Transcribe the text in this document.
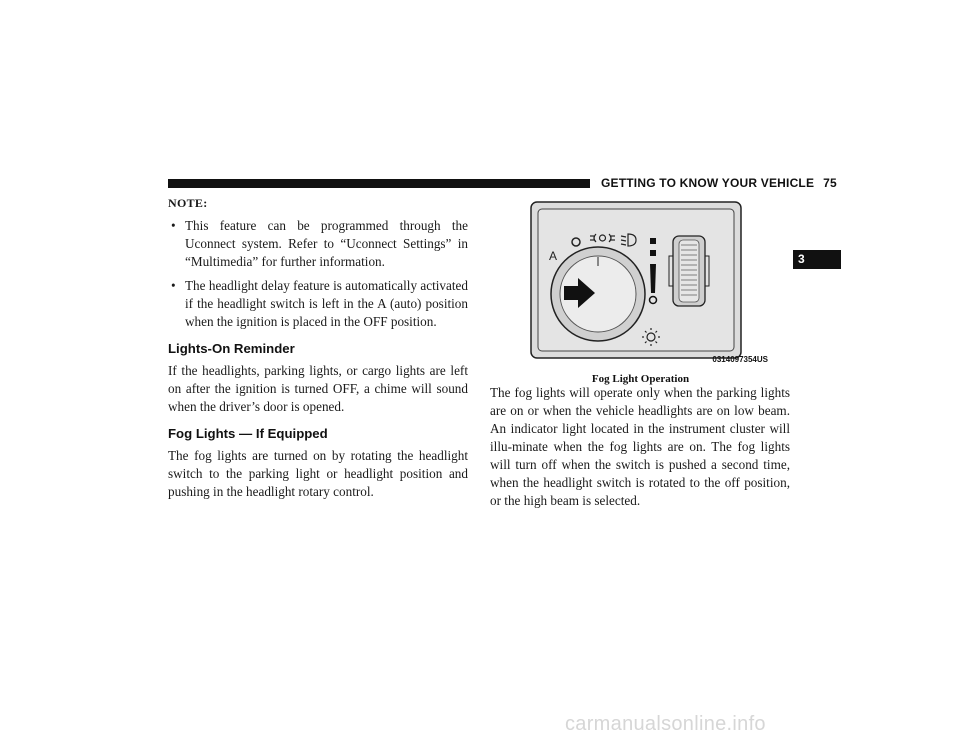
GETTING TO KNOW YOUR VEHICLE 75
3
NOTE:
• This feature can be programmed through the Uconnect system. Refer to “Uconnect Settings” in “Multimedia” for further information.
• The headlight delay feature is automatically activated if the headlight switch is left in the A (auto) position when the ignition is placed in the OFF position.
Lights-On Reminder

If the headlights, parking lights, or cargo lights are left on after the ignition is turned OFF, a chime will sound when the driver’s door is opened.

Fog Lights — If Equipped

The fog lights are turned on by rotating the headlight switch to the parking light or headlight position and pushing in the headlight rotary control.

A
0314097354US
Fog Light Operation

The fog lights will operate only when the parking lights are on or when the vehicle headlights are on low beam. An indicator light located in the instrument cluster will illu-minate when the fog lights are on. The fog lights will turn off when the switch is pushed a second time, when the headlight switch is rotated to the off position, or the high beam is selected.

carmanualsonline.info
